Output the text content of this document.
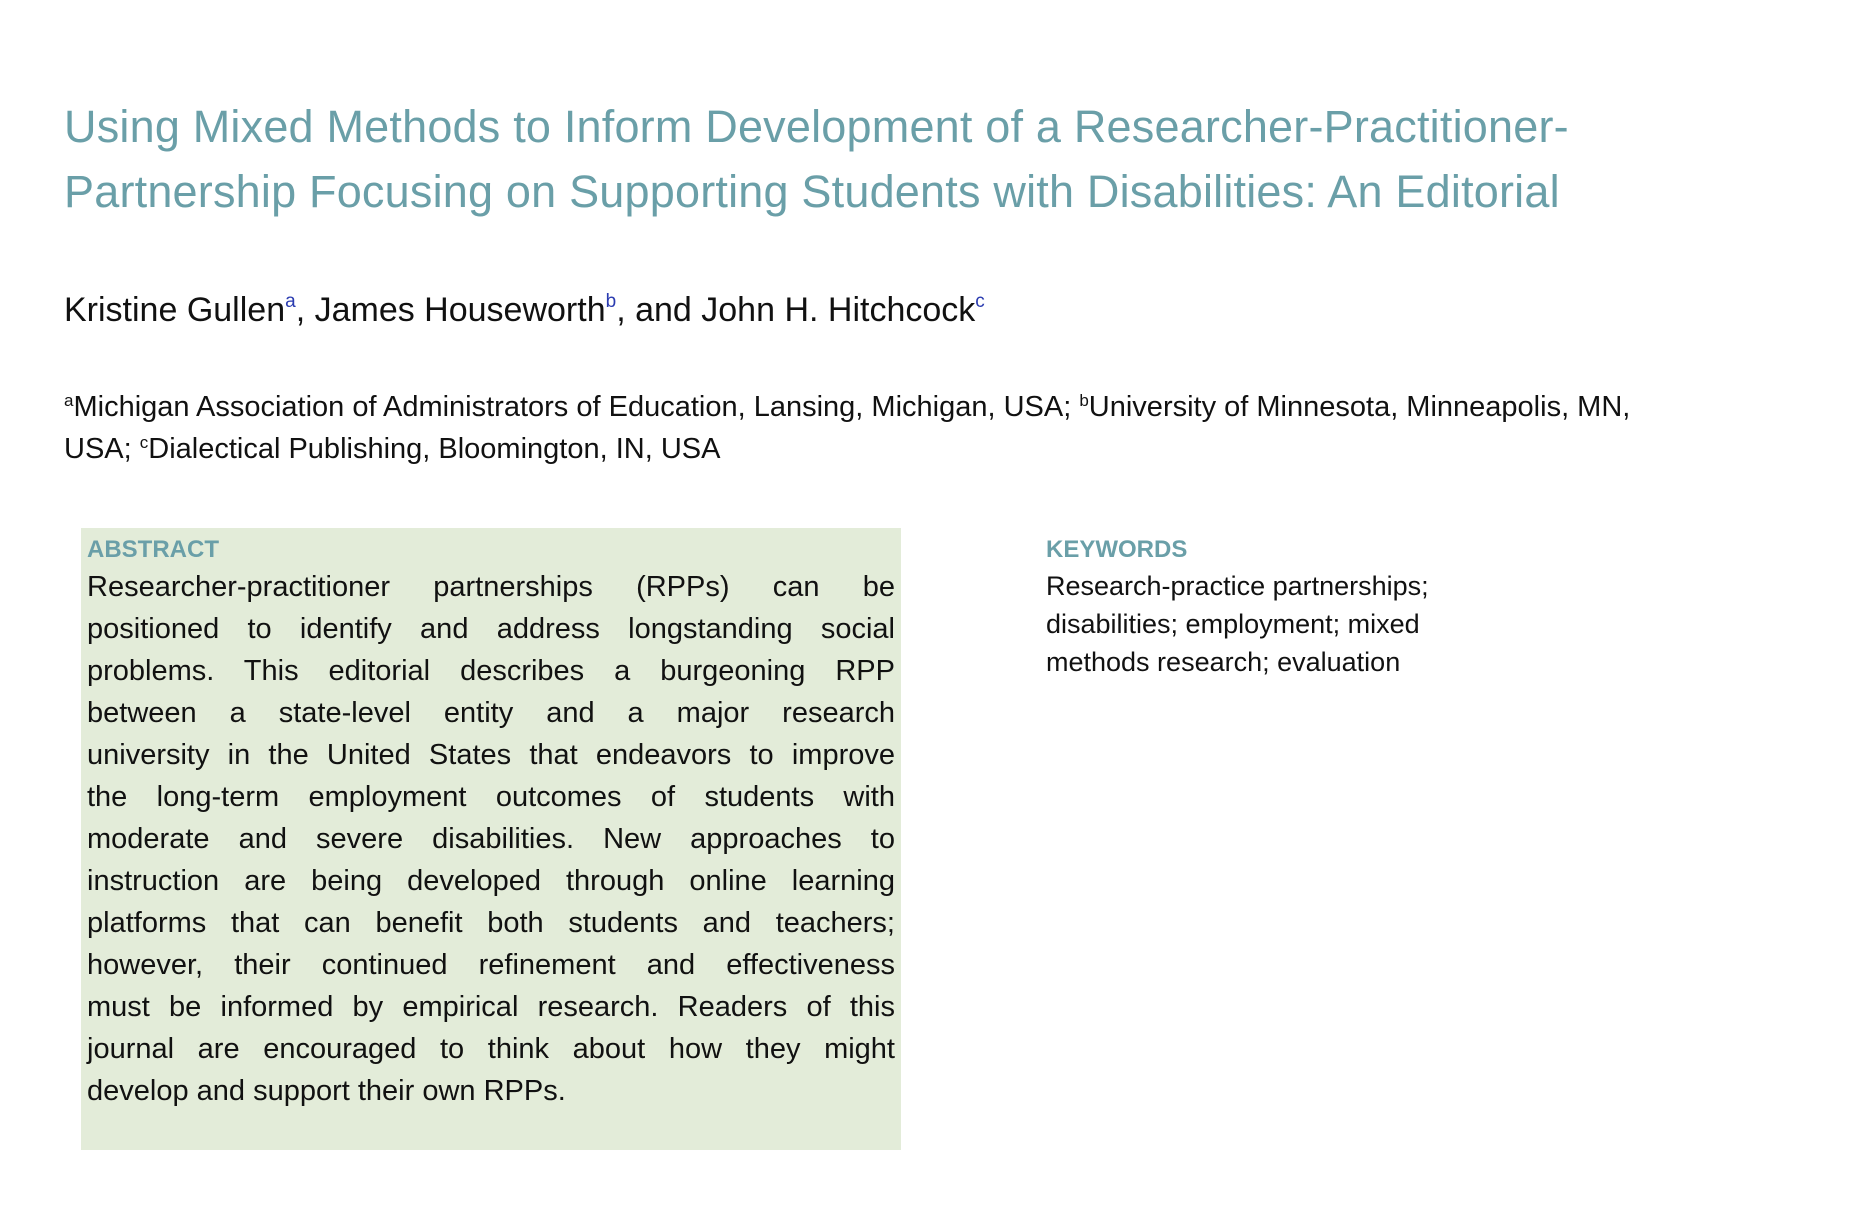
Using Mixed Methods to Inform Development of a Researcher-Practitioner-
Partnership Focusing on Supporting Students with Disabilities: An Editorial
Kristine Gullen$^a$, James Houseworth$^b$, and John H. Hitchcock$^c$
$^a$Michigan Association of Administrators of Education, Lansing, Michigan, USA; $^b$University of Minnesota, Minneapolis, MN,
USA; $^c$Dialectical Publishing, Bloomington, IN, USA
ABSTRACT
Researcher-practitioner partnerships (RPPs) can be
positioned to identify and address longstanding social
problems. This editorial describes a burgeoning RPP
between a state-level entity and a major research
university in the United States that endeavors to improve
the long-term employment outcomes of students with
moderate and severe disabilities. New approaches to
instruction are being developed through online learning
platforms that can benefit both students and teachers;
however, their continued refinement and effectiveness
must be informed by empirical research. Readers of this
journal are encouraged to think about how they might
develop and support their own RPPs.
KEYWORDS
Research-practice partnerships;
disabilities; employment; mixed
methods research; evaluation
